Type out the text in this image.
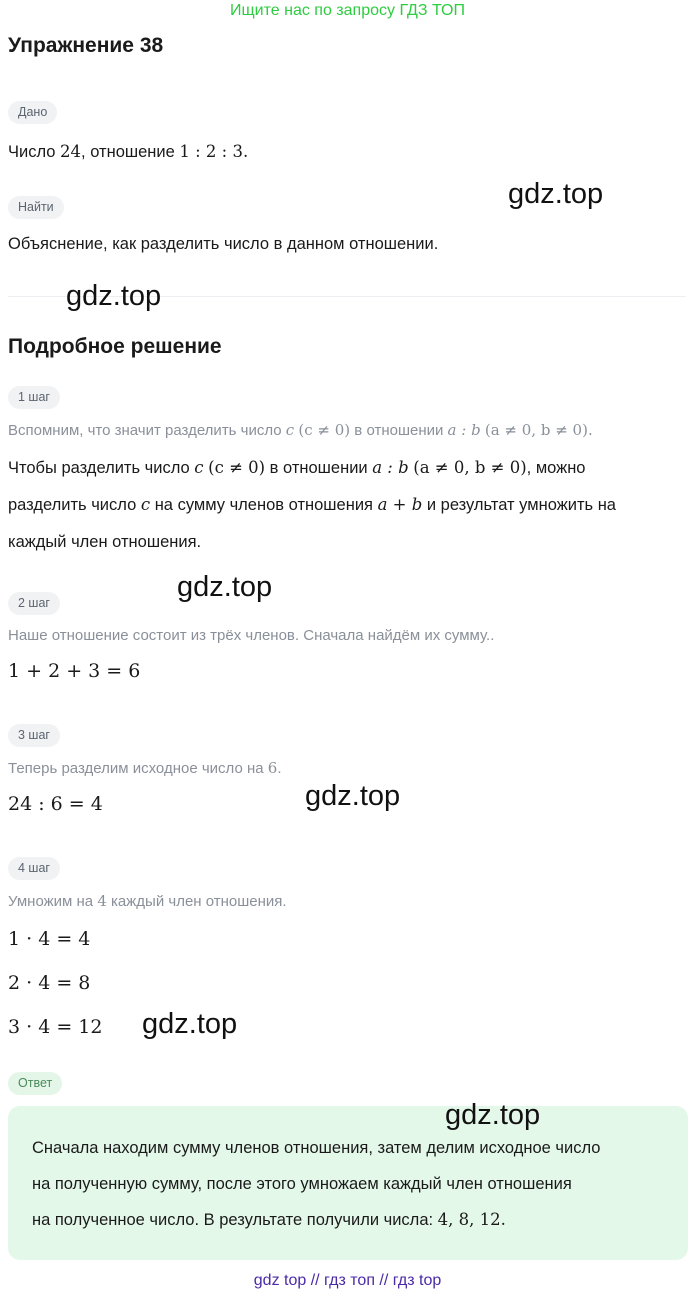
Ищите нас по запросу ГДЗ ТОП
Упражнение 38
Дано
Число 24, отношение 1 : 2 : 3.
Найти
Объяснение, как разделить число в данном отношении.
Подробное решение
1 шаг
Вспомним, что значит разделить число c (c ≠ 0) в отношении a : b (a ≠ 0, b ≠ 0).
Чтобы разделить число c (c ≠ 0) в отношении a : b (a ≠ 0, b ≠ 0), можно
разделить число c на сумму членов отношения a + b и результат умножить на
каждый член отношения.
2 шаг
Наше отношение состоит из трёх членов. Сначала найдём их сумму..
1 + 2 + 3 = 6
3 шаг
Теперь разделим исходное число на 6.
24 : 6 = 4
4 шаг
Умножим на 4 каждый член отношения.
1 · 4 = 4
2 · 4 = 8
3 · 4 = 12
Ответ
Сначала находим сумму членов отношения, затем делим исходное число
на полученную сумму, после этого умножаем каждый член отношения
на полученное число. В результате получили числа: 4, 8, 12.
gdz.top
gdz.top
gdz.top
gdz.top
gdz.top
gdz.top
gdz top // гдз топ // гдз top
